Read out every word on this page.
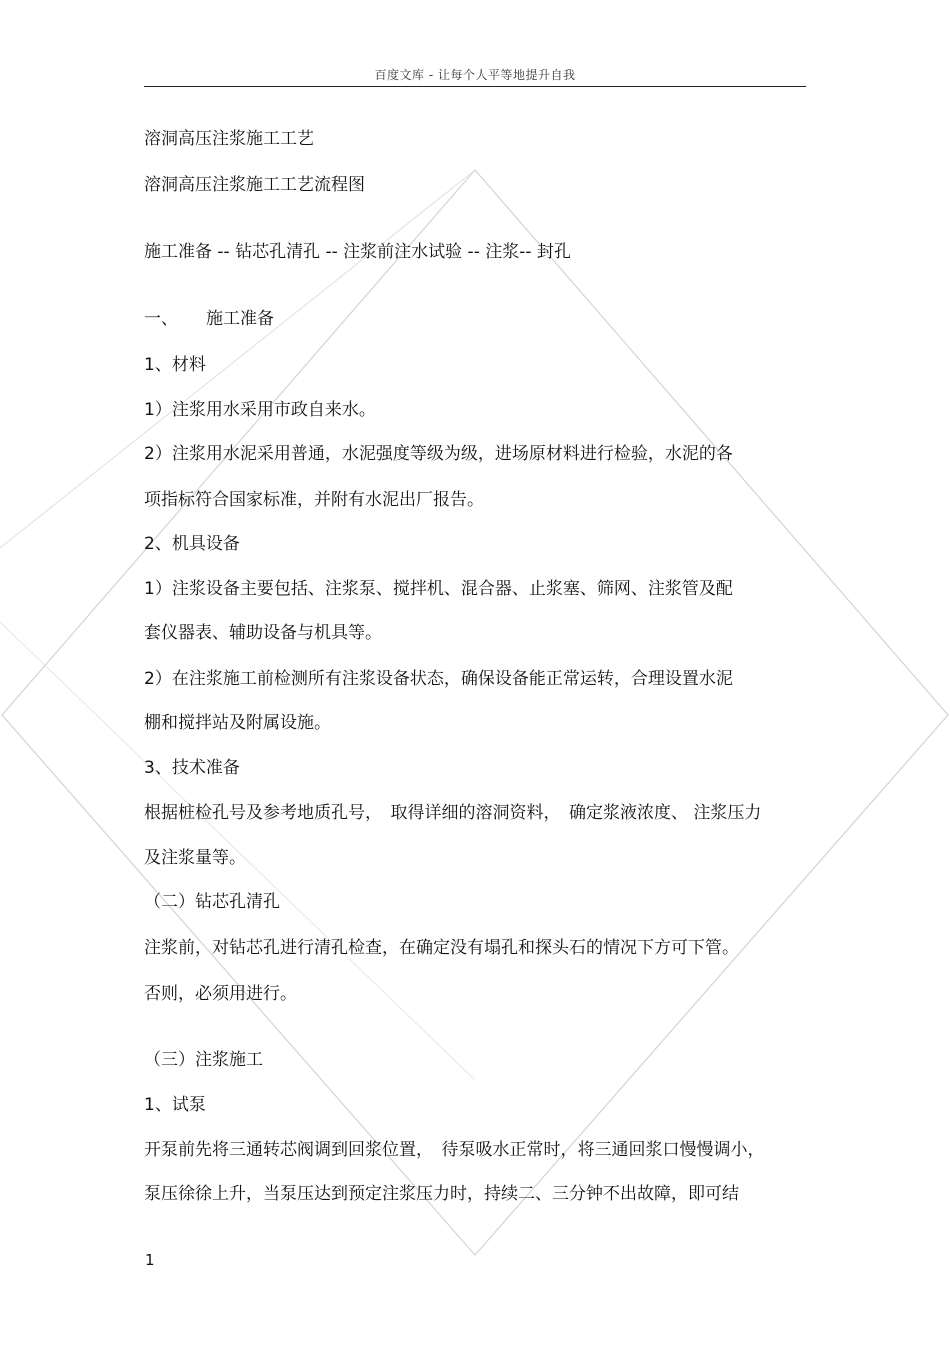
百度文库 - 让每个人平等地提升自我
溶洞高压注浆施工工艺
溶洞高压注浆施工工艺流程图
施工准备 -- 钻芯孔清孔 -- 注浆前注水试验 -- 注浆-- 封孔
一、 施工准备
1、材料
1）注浆用水采用市政自来水。
2）注浆用水泥采用普通，水泥强度等级为级，进场原材料进行检验，水泥的各
项指标符合国家标准，并附有水泥出厂报告。
2、机具设备
1）注浆设备主要包括、注浆泵、搅拌机、混合器、止浆塞、筛网、注浆管及配
套仪器表、辅助设备与机具等。
2）在注浆施工前检测所有注浆设备状态，确保设备能正常运转，合理设置水泥
棚和搅拌站及附属设施。
3、技术准备
根据桩检孔号及参考地质孔号，　取得详细的溶洞资料，　确定浆液浓度、 注浆压力
及注浆量等。
（二）钻芯孔清孔
注浆前，对钻芯孔进行清孔检查，在确定没有塌孔和探头石的情况下方可下管。
否则，必须用进行。
（三）注浆施工
1、试泵
开泵前先将三通转芯阀调到回浆位置，　待泵吸水正常时，将三通回浆口慢慢调小，
泵压徐徐上升，当泵压达到预定注浆压力时，持续二、三分钟不出故障，即可结
1
